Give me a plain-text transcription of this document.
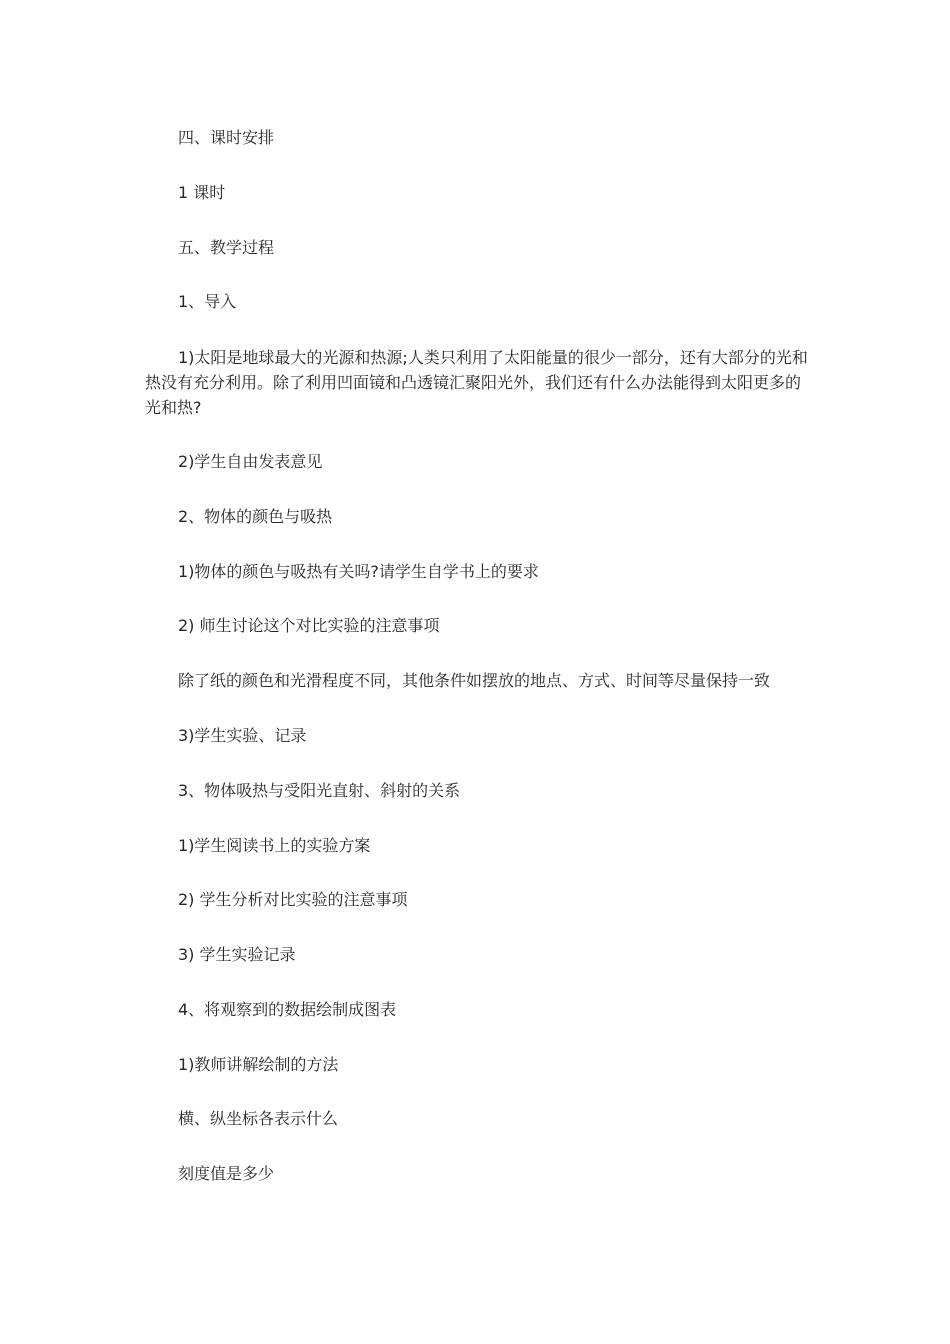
四、课时安排

1 课时

五、教学过程

1、导入

1)太阳是地球最大的光源和热源;人类只利用了太阳能量的很少一部分，还有大部分的光和热没有充分利用。除了利用凹面镜和凸透镜汇聚阳光外，我们还有什么办法能得到太阳更多的光和热?

2)学生自由发表意见

2、物体的颜色与吸热

1)物体的颜色与吸热有关吗?请学生自学书上的要求

2) 师生讨论这个对比实验的注意事项

除了纸的颜色和光滑程度不同，其他条件如摆放的地点、方式、时间等尽量保持一致

3)学生实验、记录

3、物体吸热与受阳光直射、斜射的关系

1)学生阅读书上的实验方案

2) 学生分析对比实验的注意事项

3) 学生实验记录

4、将观察到的数据绘制成图表

1)教师讲解绘制的方法

横、纵坐标各表示什么

刻度值是多少
